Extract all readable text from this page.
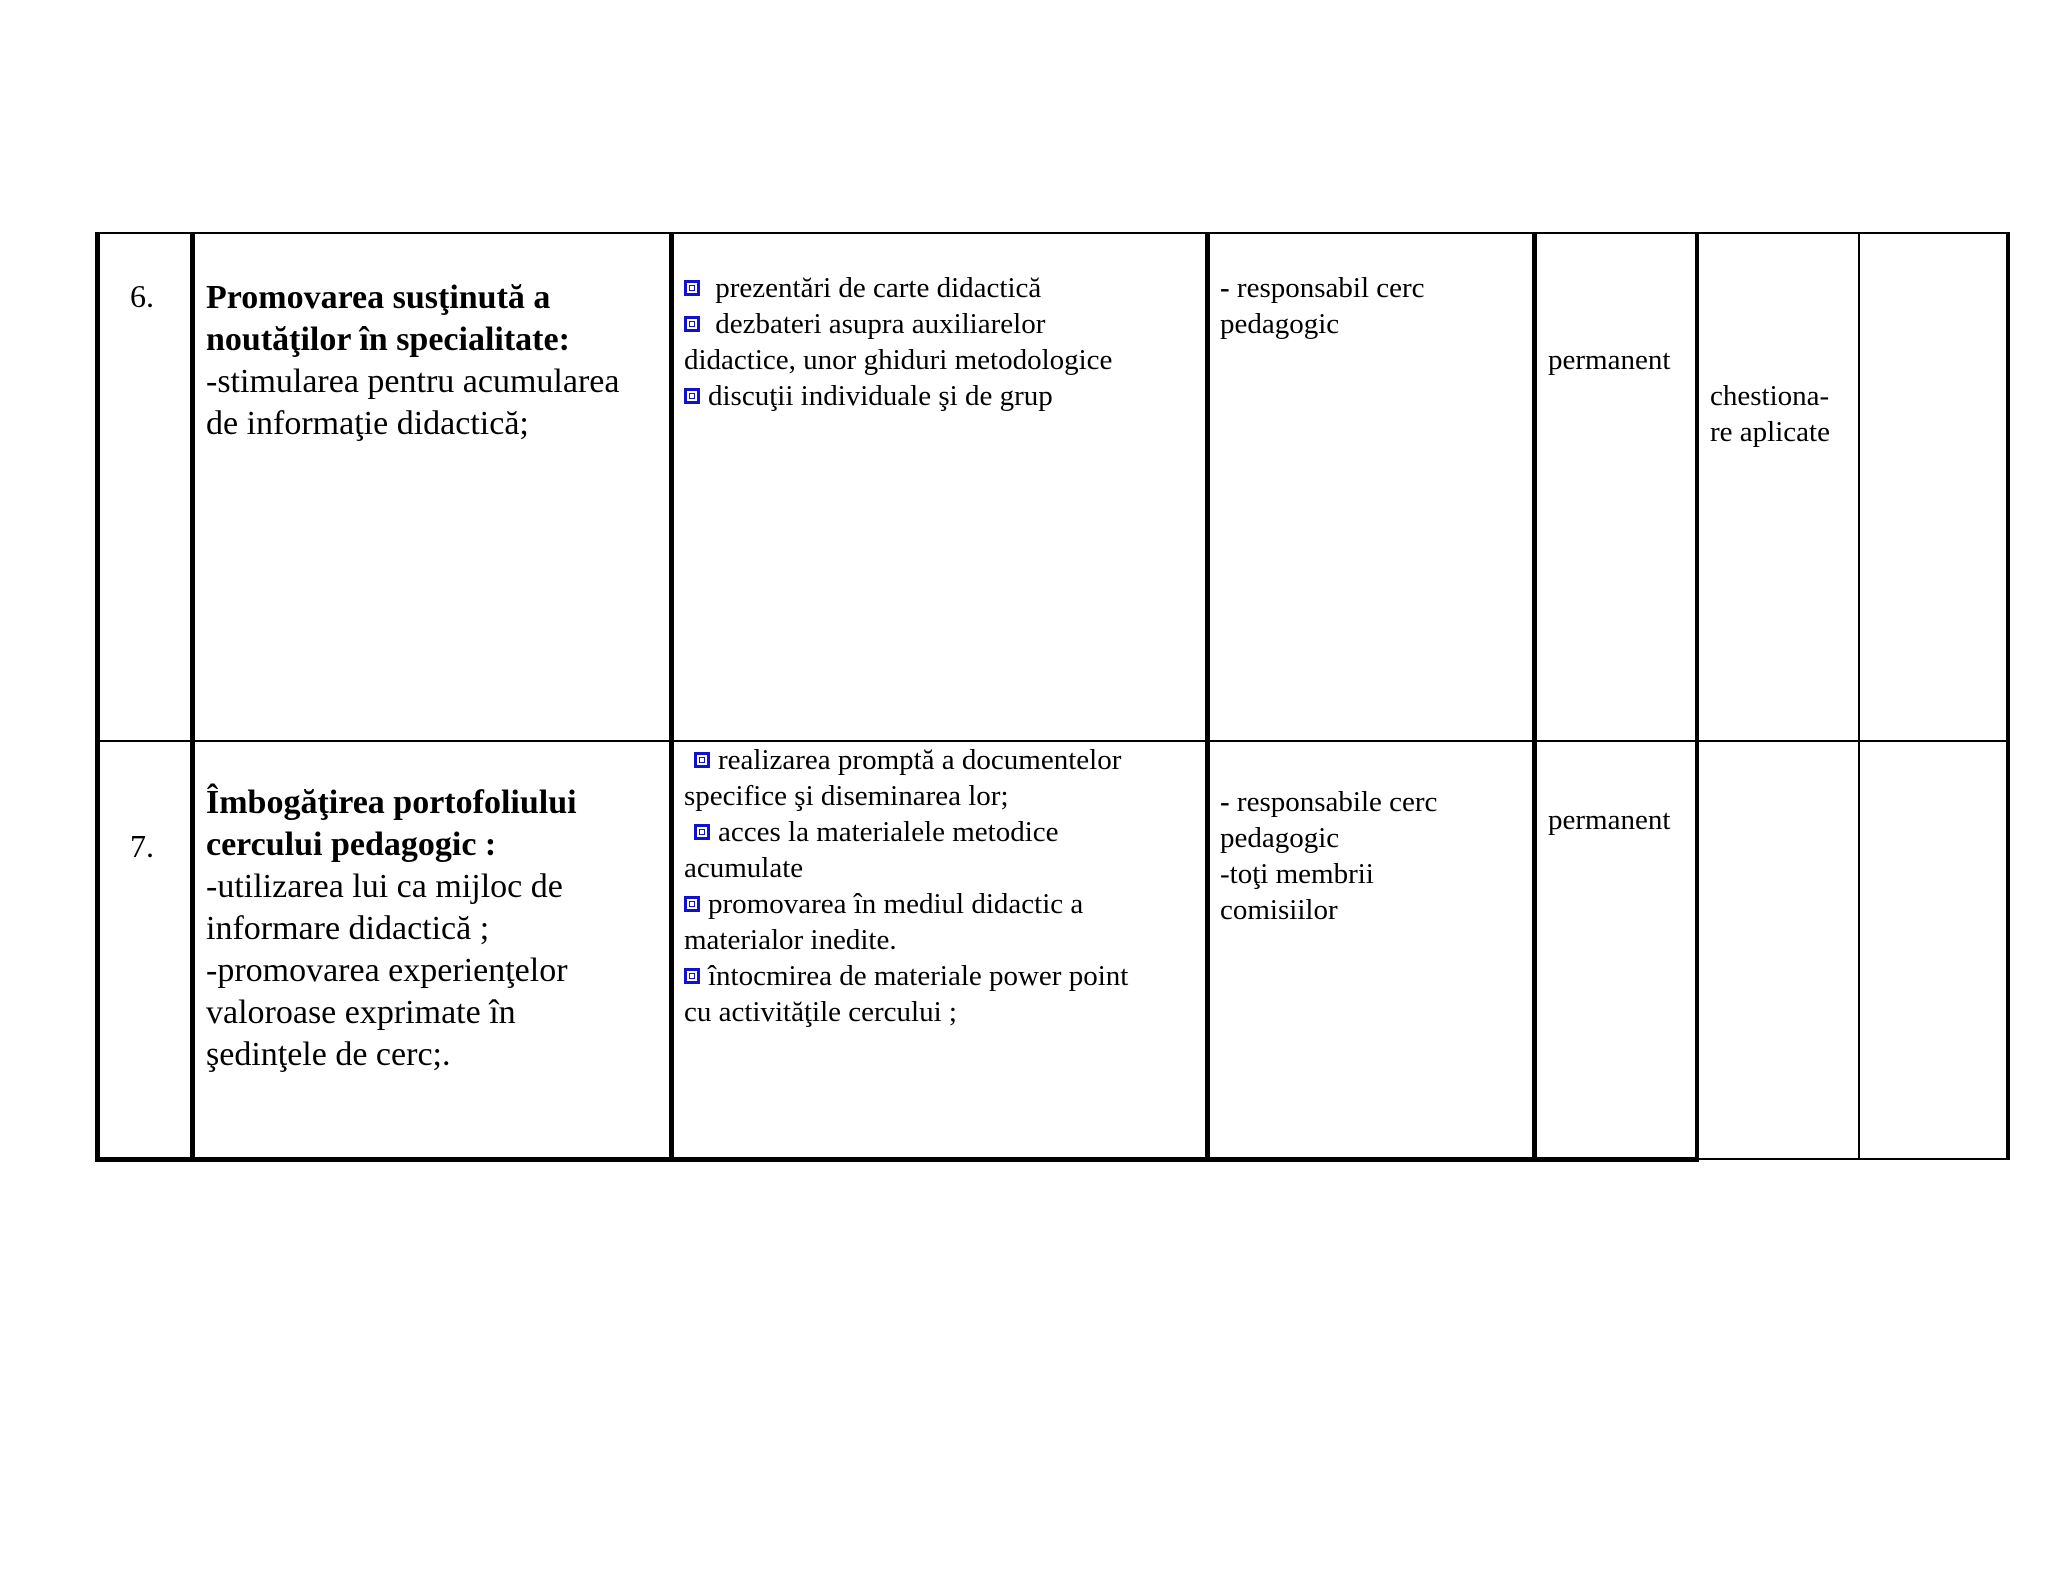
6. Promovarea susţinută a
noutăţilor în specialitate:
-stimularea pentru acumularea
de informaţie didactică;
prezentări de carte didactică
dezbateri asupra auxiliarelor
didactice, unor ghiduri metodologice
discuţii individuale şi de grup
- responsabil cerc
pedagogic
permanent
chestiona-
re aplicate
7.
Îmbogăţirea portofoliului
cercului pedagogic :
-utilizarea lui ca mijloc de
informare didactică ;
-promovarea experienţelor
valoroase exprimate în
şedinţele de cerc;.
realizarea promptă a documentelor
specifice şi diseminarea lor;
acces la materialele metodice
acumulate
promovarea în mediul didactic a
materialor inedite.
întocmirea de materiale power point
cu activităţile cercului ;
- responsabile cerc
pedagogic
-toţi membrii
comisiilor
permanent
